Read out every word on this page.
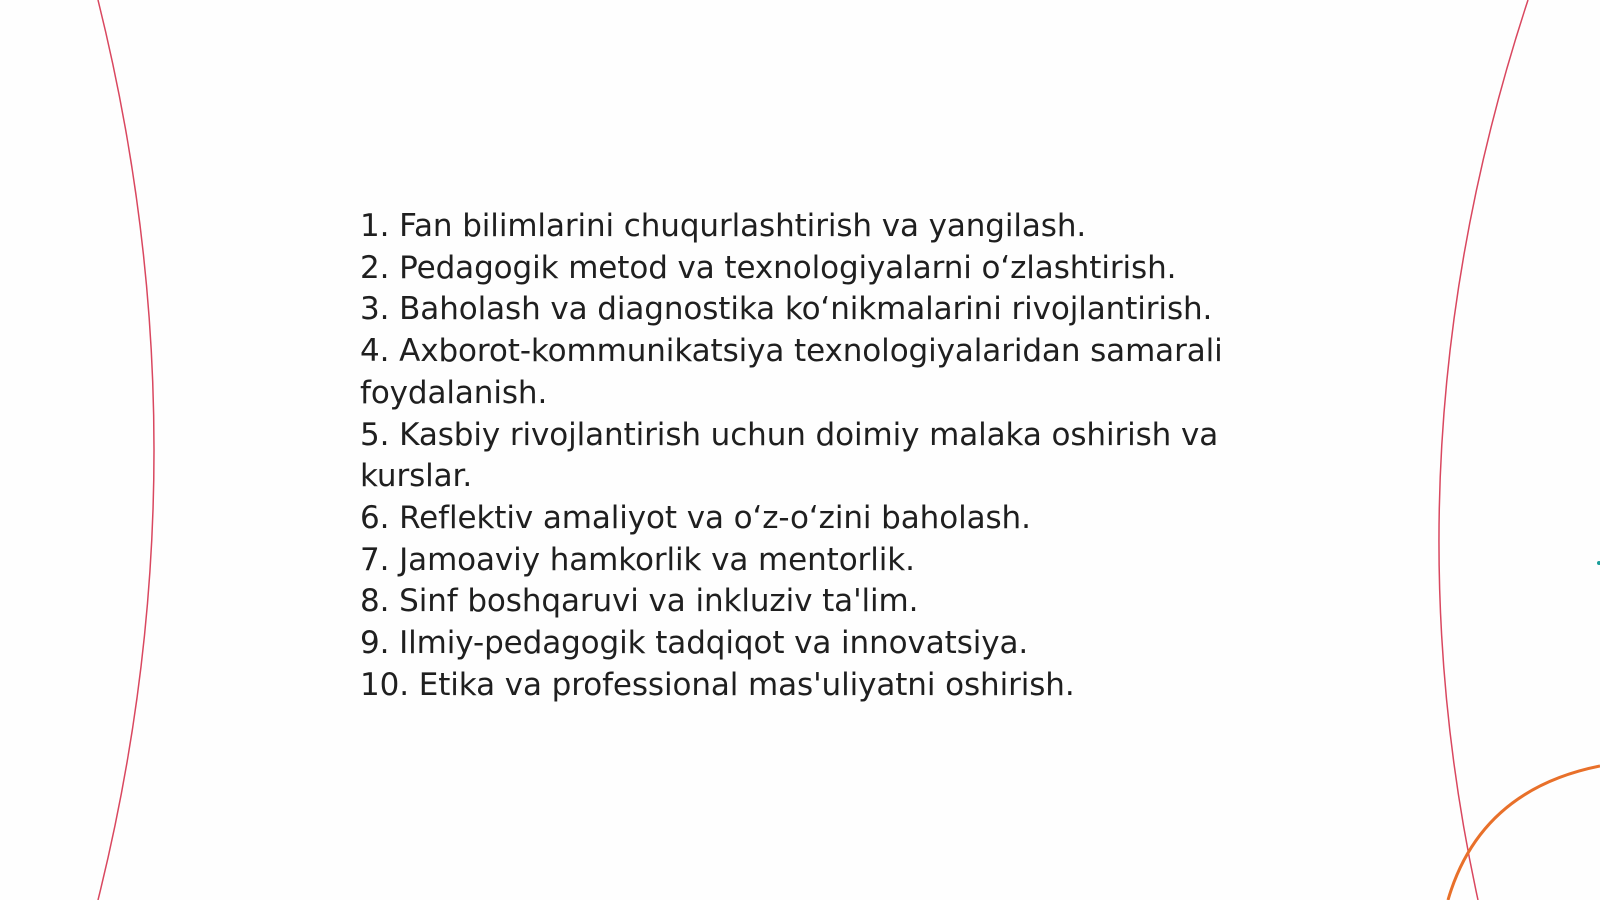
1. Fan bilimlarini chuqurlashtirish va yangilash.
2. Pedagogik metod va texnologiyalarni oʻzlashtirish.
3. Baholash va diagnostika koʻnikmalarini rivojlantirish.
4. Axborot-kommunikatsiya texnologiyalaridan samarali foydalanish.
5. Kasbiy rivojlantirish uchun doimiy malaka oshirish va kurslar.
6. Reflektiv amaliyot va oʻz-oʻzini baholash.
7. Jamoaviy hamkorlik va mentorlik.
8. Sinf boshqaruvi va inkluziv ta'lim.
9. Ilmiy-pedagogik tadqiqot va innovatsiya.
10. Etika va professional mas'uliyatni oshirish.
